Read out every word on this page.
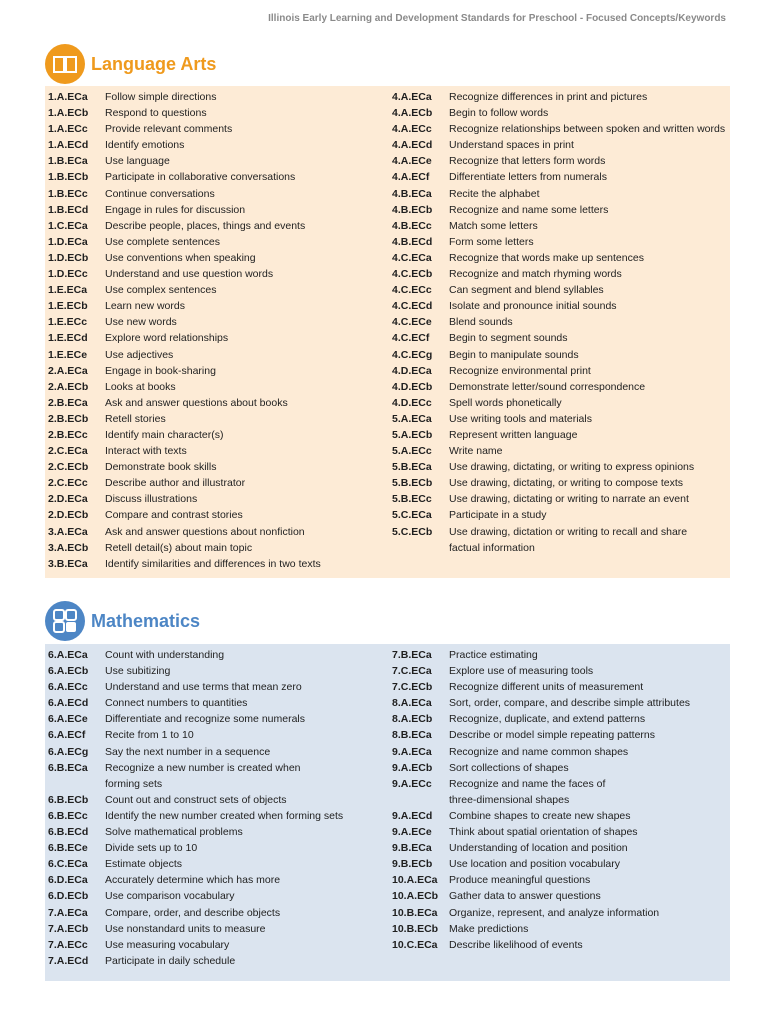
Illinois Early Learning and Development Standards for Preschool - Focused Concepts/Keywords
Language Arts
1.A.ECa	Follow simple directions
1.A.ECb	Respond to questions
1.A.ECc	Provide relevant comments
1.A.ECd	Identify emotions
1.B.ECa	Use language
1.B.ECb	Participate in collaborative conversations
1.B.ECc	Continue conversations
1.B.ECd	Engage in rules for discussion
1.C.ECa	Describe people, places, things and events
1.D.ECa	Use complete sentences
1.D.ECb	Use conventions when speaking
1.D.ECc	Understand and use question words
1.E.ECa	Use complex sentences
1.E.ECb	Learn new words
1.E.ECc	Use new words
1.E.ECd	Explore word relationships
1.E.ECe	Use adjectives
2.A.ECa	Engage in book-sharing
2.A.ECb	Looks at books
2.B.ECa	Ask and answer questions about books
2.B.ECb	Retell stories
2.B.ECc	Identify main character(s)
2.C.ECa	Interact with texts
2.C.ECb	Demonstrate book skills
2.C.ECc	Describe author and illustrator
2.D.ECa	Discuss illustrations
2.D.ECb	Compare and contrast stories
3.A.ECa	Ask and answer questions about nonfiction
3.A.ECb	Retell detail(s) about main topic
3.B.ECa	Identify similarities and differences in two texts
4.A.ECa	Recognize differences in print and pictures
4.A.ECb	Begin to follow words
4.A.ECc	Recognize relationships between spoken and written words
4.A.ECd	Understand spaces in print
4.A.ECe	Recognize that letters form words
4.A.ECf	Differentiate letters from numerals
4.B.ECa	Recite the alphabet
4.B.ECb	Recognize and name some letters
4.B.ECc	Match some letters
4.B.ECd	Form some letters
4.C.ECa	Recognize that words make up sentences
4.C.ECb	Recognize and match rhyming words
4.C.ECc	Can segment and blend syllables
4.C.ECd	Isolate and pronounce initial sounds
4.C.ECe	Blend sounds
4.C.ECf	Begin to segment sounds
4.C.ECg	Begin to manipulate sounds
4.D.ECa	Recognize environmental print
4.D.ECb	Demonstrate letter/sound correspondence
4.D.ECc	Spell words phonetically
5.A.ECa	Use writing tools and materials
5.A.ECb	Represent written language
5.A.ECc	Write name
5.B.ECa	Use drawing, dictating, or writing to express opinions
5.B.ECb	Use drawing, dictating, or writing to compose texts
5.B.ECc	Use drawing, dictating or writing to narrate an event
5.C.ECa	Participate in a study
5.C.ECb	Use drawing, dictation or writing to recall and share
factual information
Mathematics
6.A.ECa	Count with understanding
6.A.ECb	Use subitizing
6.A.ECc	Understand and use terms that mean zero
6.A.ECd	Connect numbers to quantities
6.A.ECe	Differentiate and recognize some numerals
6.A.ECf	Recite from 1 to 10
6.A.ECg	Say the next number in a sequence
6.B.ECa	Recognize a new number is created when
forming sets
6.B.ECb	Count out and construct sets of objects
6.B.ECc	Identify the new number created when forming sets
6.B.ECd	Solve mathematical problems
6.B.ECe	Divide sets up to 10
6.C.ECa	Estimate objects
6.D.ECa	Accurately determine which has more
6.D.ECb	Use comparison vocabulary
7.A.ECa	Compare, order, and describe objects
7.A.ECb	Use nonstandard units to measure
7.A.ECc	Use measuring vocabulary
7.A.ECd	Participate in daily schedule
7.B.ECa	Practice estimating
7.C.ECa	Explore use of measuring tools
7.C.ECb	Recognize different units of measurement
8.A.ECa	Sort, order, compare, and describe simple attributes
8.A.ECb	Recognize, duplicate, and extend patterns
8.B.ECa	Describe or model simple repeating patterns
9.A.ECa	Recognize and name common shapes
9.A.ECb	Sort collections of shapes
9.A.ECc	Recognize and name the faces of
three-dimensional shapes
9.A.ECd	Combine shapes to create new shapes
9.A.ECe	Think about spatial orientation of shapes
9.B.ECa	Understanding of location and position
9.B.ECb	Use location and position vocabulary
10.A.ECa	Produce meaningful questions
10.A.ECb	Gather data to answer questions
10.B.ECa	Organize, represent, and analyze information
10.B.ECb	Make predictions
10.C.ECa	Describe likelihood of events
